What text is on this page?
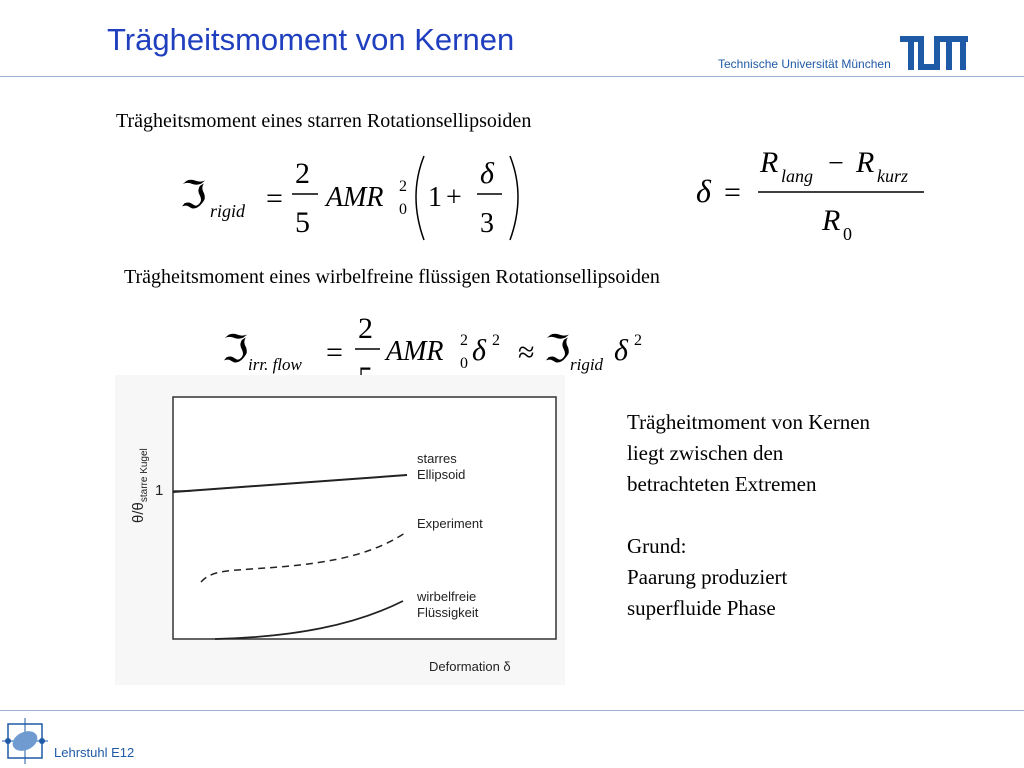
Trägheitsmoment von Kernen
Technische Universität München
Trägheitsmoment eines starren Rotationsellipsoiden
ℑ rigid =
2
5
AMR 2
0 1 +
δ
3
δ =
R lang − R kurz
R 0
Trägheitsmoment eines wirbelfreine flüssigen Rotationsellipsoiden
ℑ irr. flow =
2
AMR 2
0 δ 2 ≈ ℑ rigid δ 2
$\theta/\theta_{starre Kugel}$ 1
starres
Ellipsoid
Experiment
wirbelfreie
Flüssigkeit
Deformation δ

Trägheitmoment von Kernen

liegt zwischen den

betrachteten Extremen

Grund:

Paarung produziert

superfluide Phase

Lehrstuhl E12
